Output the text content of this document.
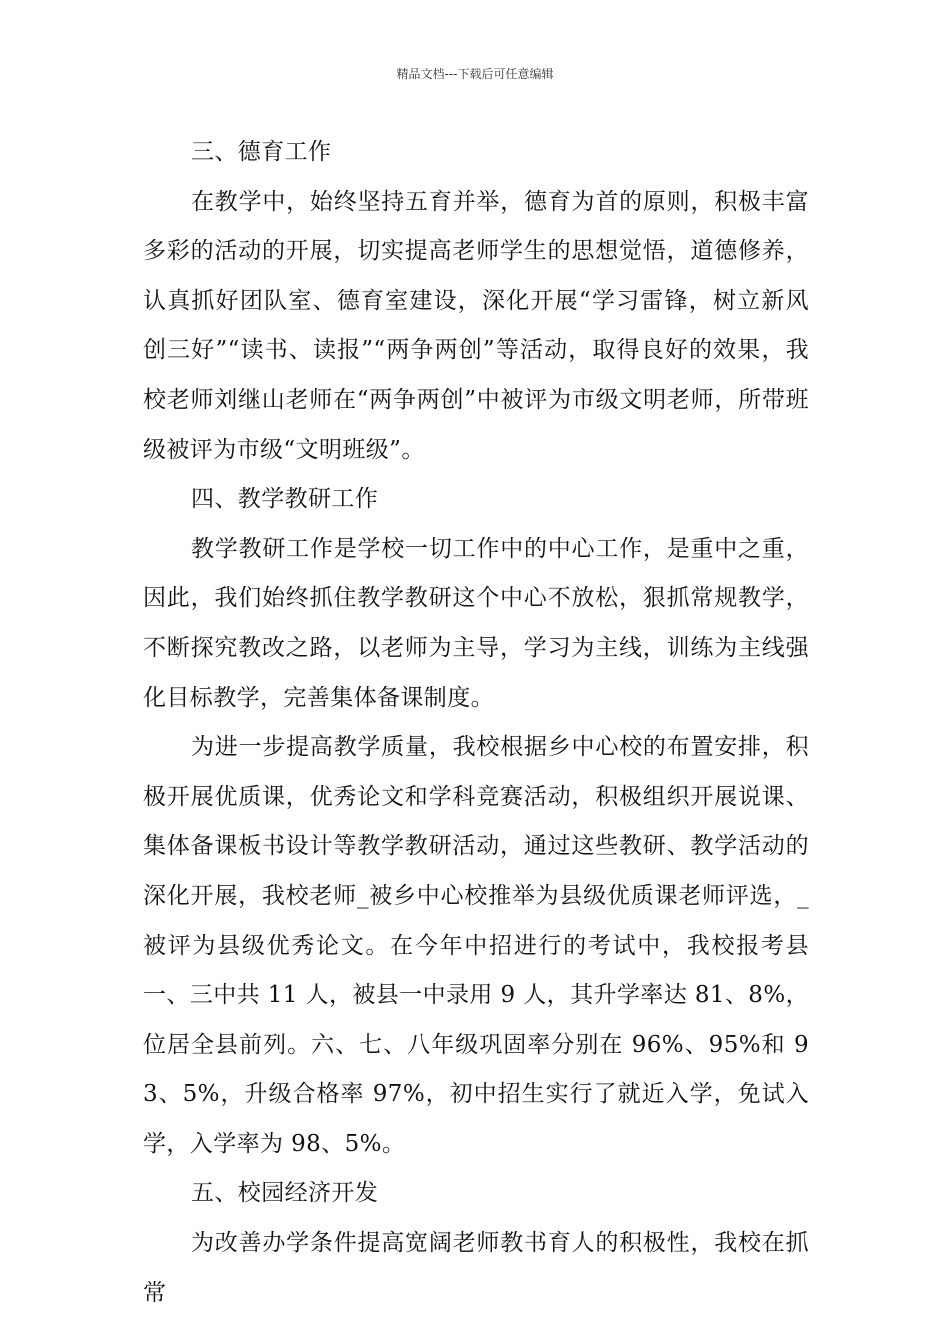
精品文档---下载后可任意编辑

三、德育工作

在教学中，始终坚持五育并举，德育为首的原则，积极丰富多彩的活动的开展，切实提高老师学生的思想觉悟，道德修养，认真抓好团队室、德育室建设，深化开展“学习雷锋，树立新风创三好”“读书、读报”“两争两创”等活动，取得良好的效果，我校老师刘继山老师在“两争两创”中被评为市级文明老师，所带班级被评为市级“文明班级”。

四、教学教研工作

教学教研工作是学校一切工作中的中心工作，是重中之重，因此，我们始终抓住教学教研这个中心不放松，狠抓常规教学，不断探究教改之路，以老师为主导，学习为主线，训练为主线强化目标教学，完善集体备课制度。

为进一步提高教学质量，我校根据乡中心校的布置安排，积极开展优质课，优秀论文和学科竞赛活动，积极组织开展说课、集体备课板书设计等教学教研活动，通过这些教研、教学活动的深化开展，我校老师_被乡中心校推举为县级优质课老师评选，_被评为县级优秀论文。在今年中招进行的考试中，我校报考县一、三中共 11 人，被县一中录用 9 人，其升学率达 81、8%，位居全县前列。六、七、八年级巩固率分别在 96%、95%和 93、5%，升级合格率 97%，初中招生实行了就近入学，免试入学，入学率为 98、5%。

五、校园经济开发

为改善办学条件提高宽阔老师教书育人的积极性，我校在抓常
